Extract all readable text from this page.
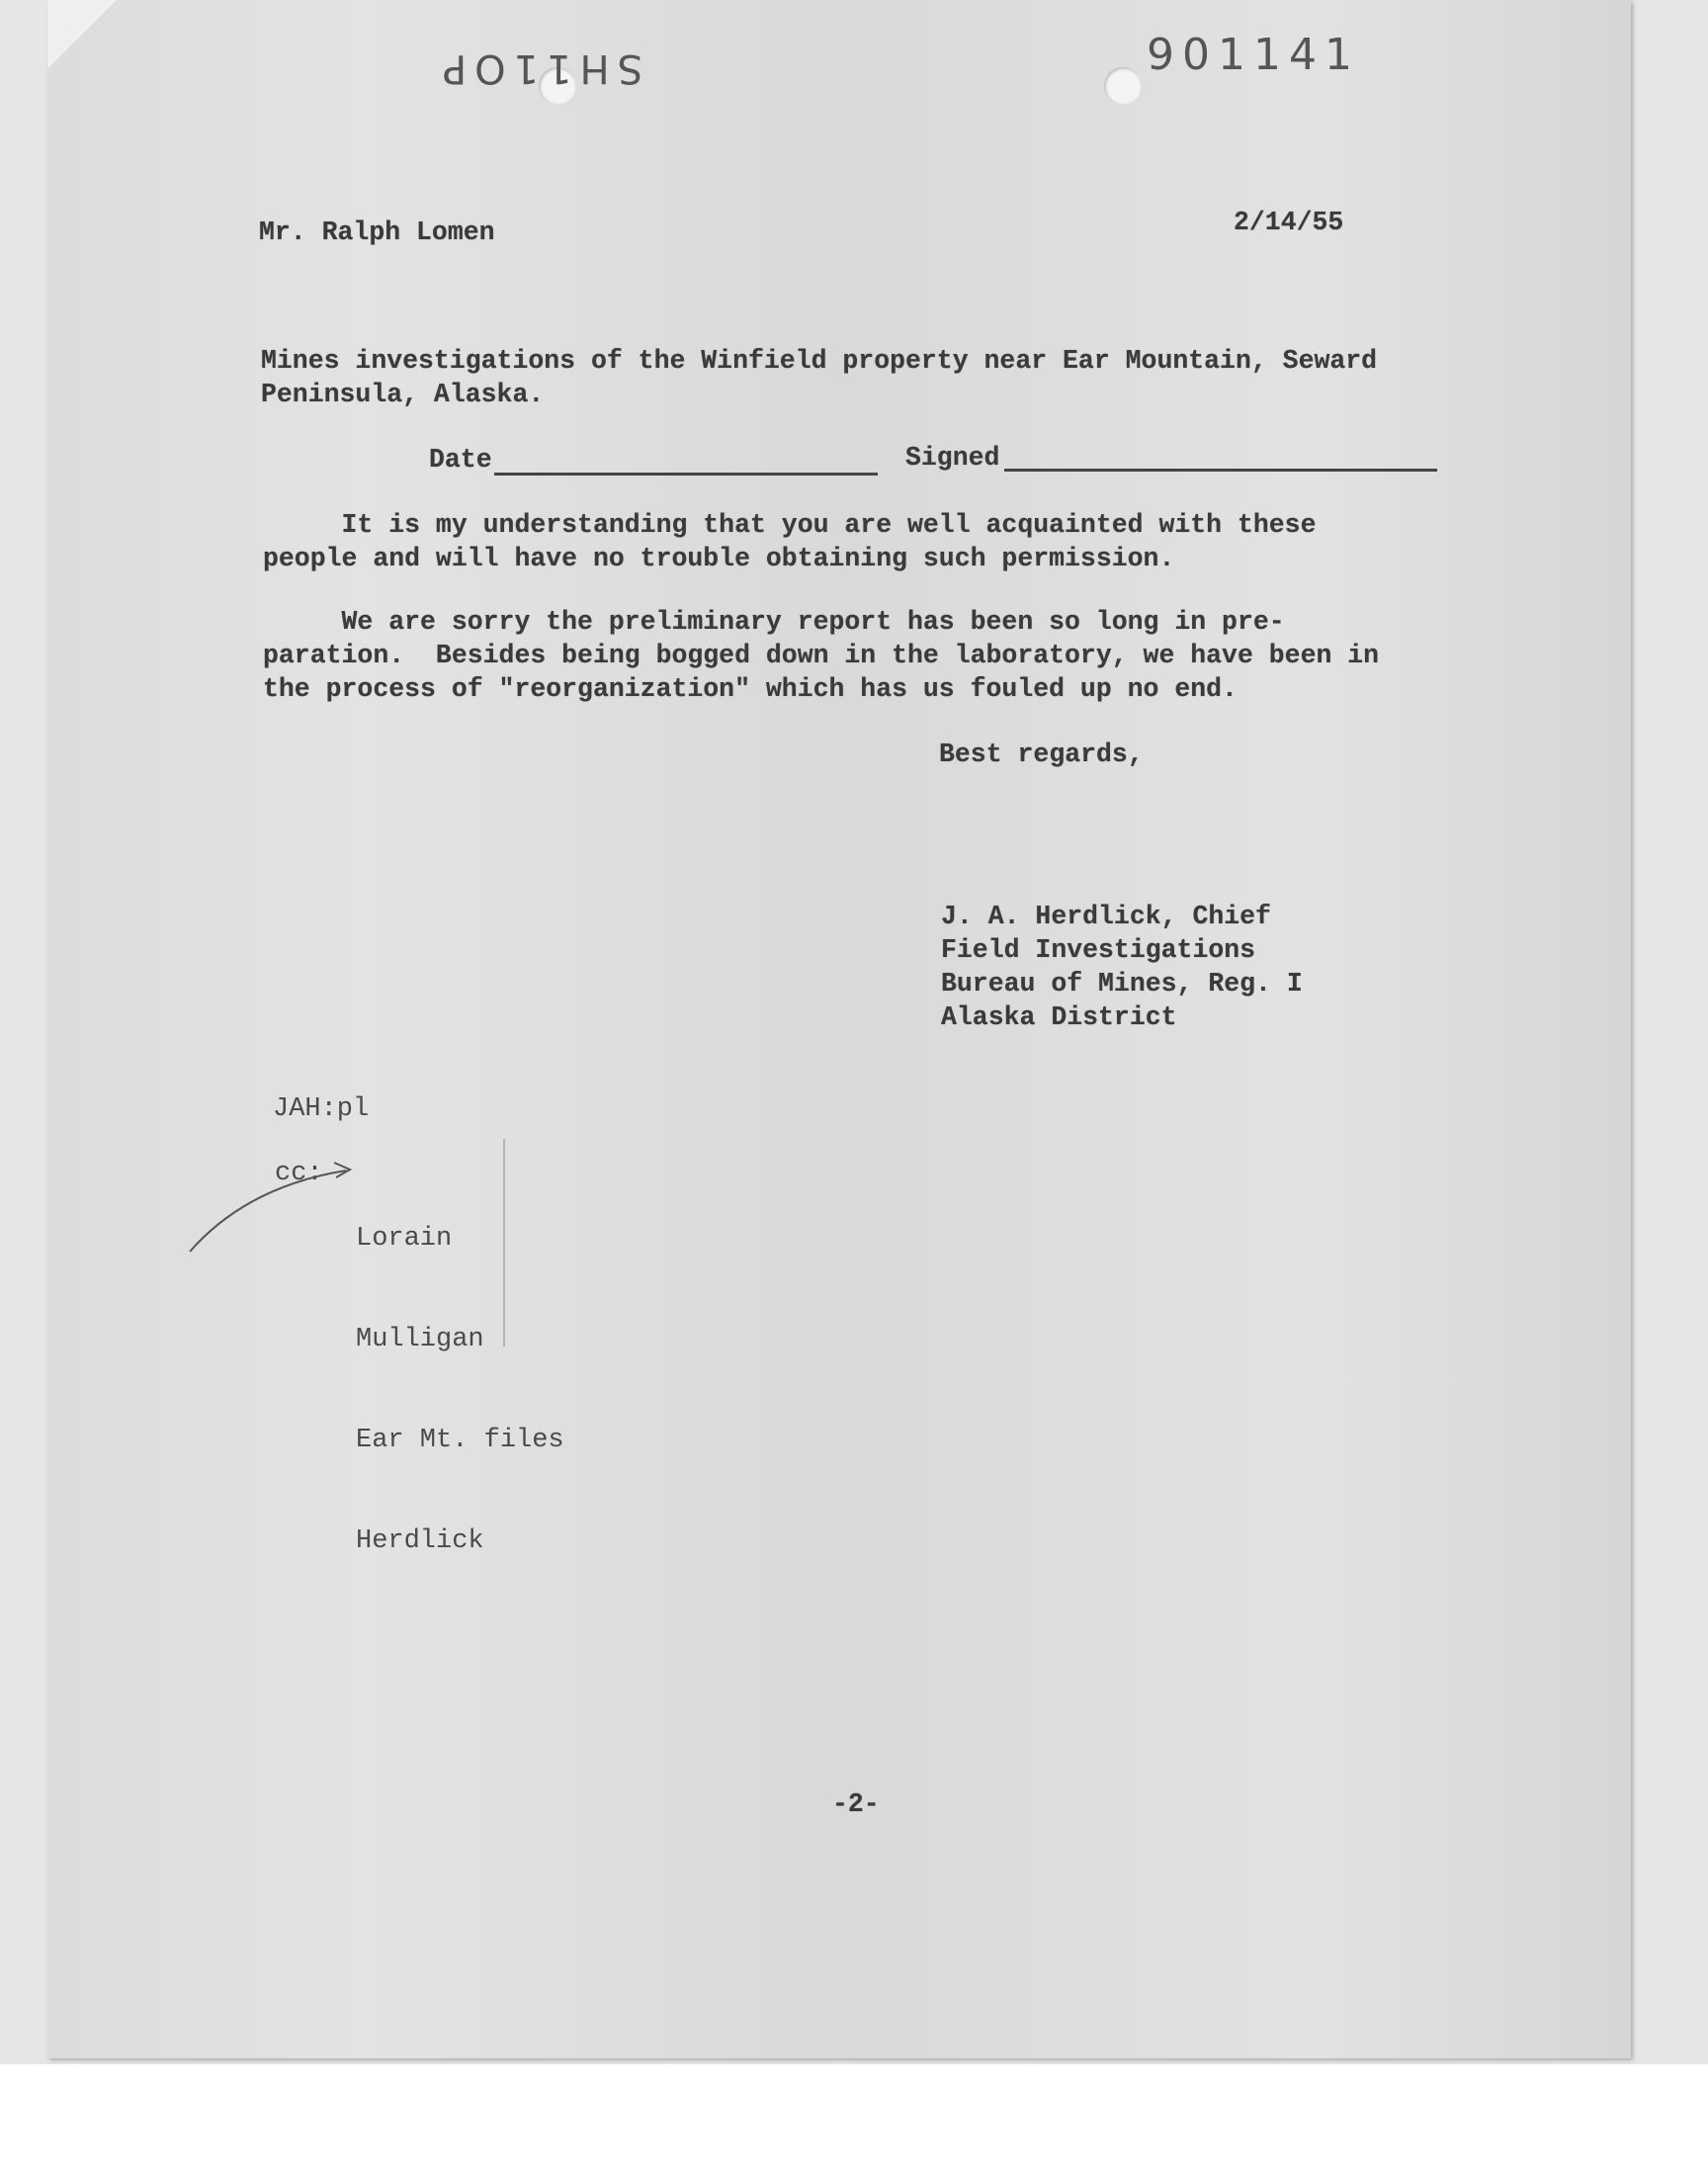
SH11OP	901141
Mr. Ralph Lomen	2/14/55
Mines investigations of the Winfield property near Ear Mountain, Seward
Peninsula, Alaska.
Date	Signed
It is my understanding that you are well acquainted with these
people and will have no trouble obtaining such permission.
We are sorry the preliminary report has been so long in pre-
paration.  Besides being bogged down in the laboratory, we have been in
the process of "reorganization" which has us fouled up no end.
Best regards,
J. A. Herdlick, Chief
Field Investigations
Bureau of Mines, Reg. I
Alaska District
JAH:pl
cc:

Lorain

Mulligan

Ear Mt. files

Herdlick

-2-
